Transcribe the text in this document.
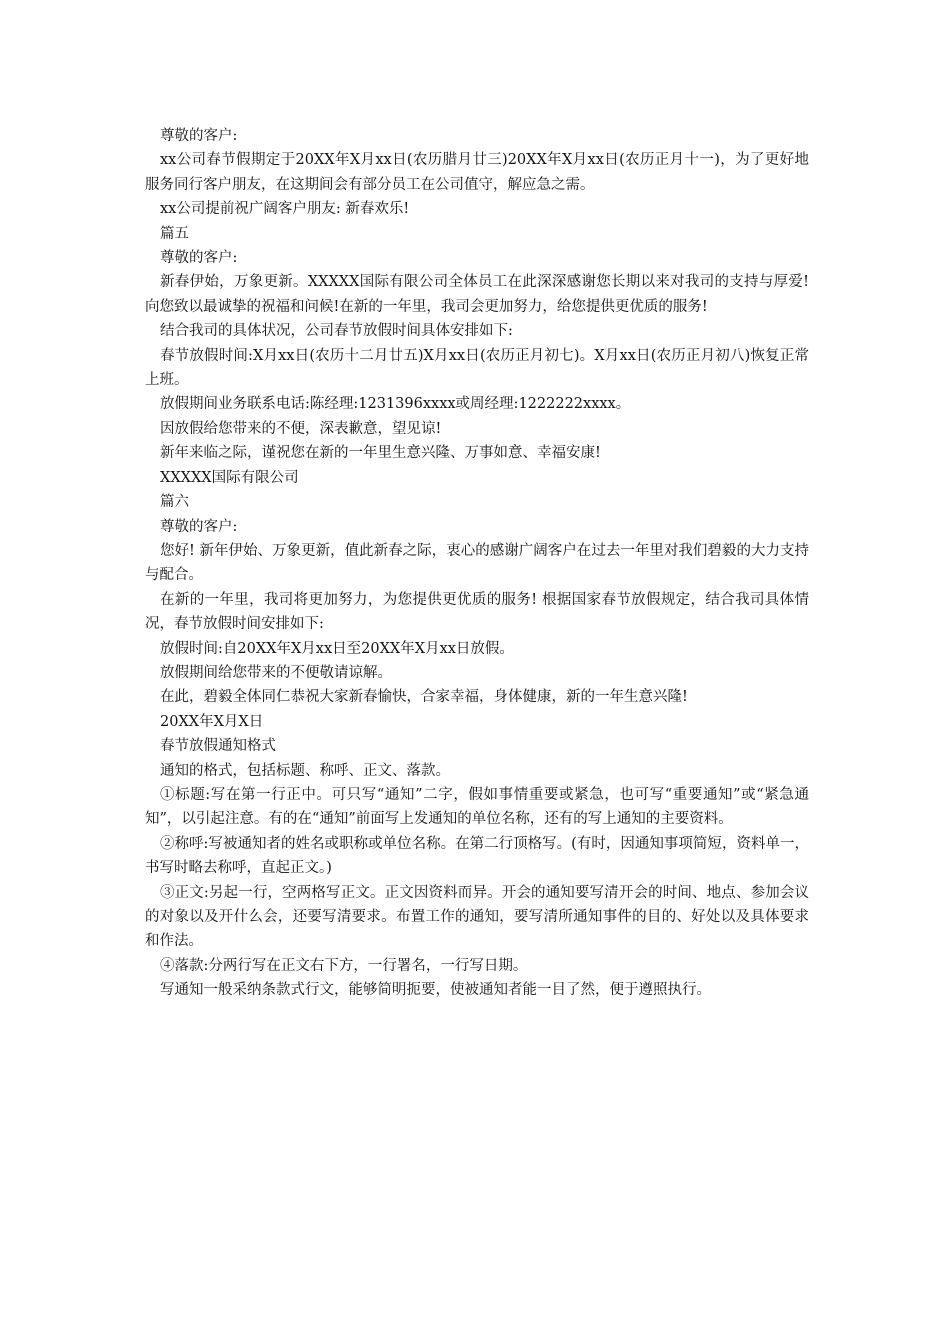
尊敬的客户:

xx公司春节假期定于20XX年X月xx日(农历腊月廿三)20XX年X月xx日(农历正月十一)，为了更好地服务同行客户朋友，在这期间会有部分员工在公司值守，解应急之需。

xx公司提前祝广阔客户朋友: 新春欢乐!

篇五

尊敬的客户:

新春伊始，万象更新。XXXXX国际有限公司全体员工在此深深感谢您长期以来对我司的支持与厚爱!向您致以最诚挚的祝福和问候!在新的一年里，我司会更加努力，给您提供更优质的服务!

结合我司的具体状况，公司春节放假时间具体安排如下:

春节放假时间:X月xx日(农历十二月廿五)X月xx日(农历正月初七)。X月xx日(农历正月初八)恢复正常上班。

放假期间业务联系电话:陈经理:1231396xxxx或周经理:1222222xxxx。

因放假给您带来的不便，深表歉意，望见谅!

新年来临之际，谨祝您在新的一年里生意兴隆、万事如意、幸福安康!

XXXXX国际有限公司

篇六

尊敬的客户:

您好! 新年伊始、万象更新，值此新春之际，衷心的感谢广阔客户在过去一年里对我们碧毅的大力支持与配合。

在新的一年里，我司将更加努力，为您提供更优质的服务! 根据国家春节放假规定，结合我司具体情况，春节放假时间安排如下:

放假时间:自20XX年X月xx日至20XX年X月xx日放假。

放假期间给您带来的不便敬请谅解。

在此，碧毅全体同仁恭祝大家新春愉快，合家幸福，身体健康，新的一年生意兴隆!

20XX年X月X日

春节放假通知格式

通知的格式，包括标题、称呼、正文、落款。

①标题:写在第一行正中。可只写“通知”二字，假如事情重要或紧急，也可写“重要通知”或“紧急通知”，以引起注意。有的在“通知”前面写上发通知的单位名称，还有的写上通知的主要资料。

②称呼:写被通知者的姓名或职称或单位名称。在第二行顶格写。(有时，因通知事项简短，资料单一，书写时略去称呼，直起正文。)

③正文:另起一行，空两格写正文。正文因资料而异。开会的通知要写清开会的时间、地点、参加会议的对象以及开什么会，还要写清要求。布置工作的通知，要写清所通知事件的目的、好处以及具体要求和作法。

④落款:分两行写在正文右下方，一行署名，一行写日期。

写通知一般采纳条款式行文，能够简明扼要，使被通知者能一目了然，便于遵照执行。
